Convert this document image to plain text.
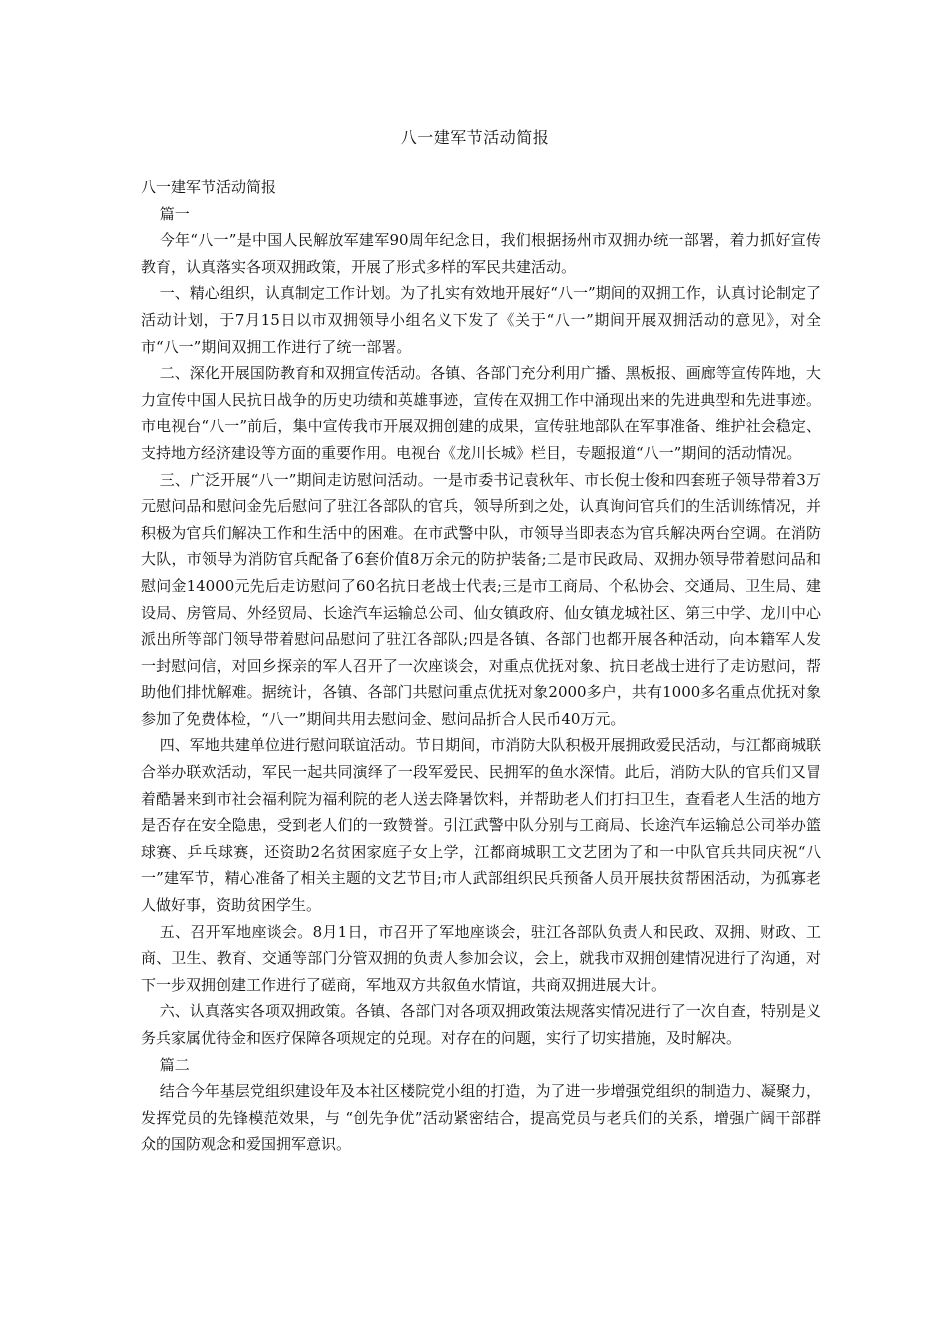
八一建军节活动简报

八一建军节活动简报

篇一

今年“八一”是中国人民解放军建军90周年纪念日，我们根据扬州市双拥办统一部署，着力抓好宣传教育，认真落实各项双拥政策，开展了形式多样的军民共建活动。

一、精心组织，认真制定工作计划。为了扎实有效地开展好“八一”期间的双拥工作，认真讨论制定了活动计划，于7月15日以市双拥领导小组名义下发了《关于“八一”期间开展双拥活动的意见》，对全市“八一”期间双拥工作进行了统一部署。

二、深化开展国防教育和双拥宣传活动。各镇、各部门充分利用广播、黑板报、画廊等宣传阵地，大力宣传中国人民抗日战争的历史功绩和英雄事迹，宣传在双拥工作中涌现出来的先进典型和先进事迹。市电视台“八一”前后，集中宣传我市开展双拥创建的成果，宣传驻地部队在军事准备、维护社会稳定、支持地方经济建设等方面的重要作用。电视台《龙川长城》栏目，专题报道“八一”期间的活动情况。

三、广泛开展“八一”期间走访慰问活动。一是市委书记袁秋年、市长倪士俊和四套班子领导带着3万元慰问品和慰问金先后慰问了驻江各部队的官兵，领导所到之处，认真询问官兵们的生活训练情况，并积极为官兵们解决工作和生活中的困难。在市武警中队，市领导当即表态为官兵解决两台空调。在消防大队，市领导为消防官兵配备了6套价值8万余元的防护装备;二是市民政局、双拥办领导带着慰问品和慰问金14000元先后走访慰问了60名抗日老战士代表;三是市工商局、个私协会、交通局、卫生局、建设局、房管局、外经贸局、长途汽车运输总公司、仙女镇政府、仙女镇龙城社区、第三中学、龙川中心派出所等部门领导带着慰问品慰问了驻江各部队;四是各镇、各部门也都开展各种活动，向本籍军人发一封慰问信，对回乡探亲的军人召开了一次座谈会，对重点优抚对象、抗日老战士进行了走访慰问，帮助他们排忧解难。据统计，各镇、各部门共慰问重点优抚对象2000多户，共有1000多名重点优抚对象参加了免费体检，“八一”期间共用去慰问金、慰问品折合人民币40万元。

四、军地共建单位进行慰问联谊活动。节日期间，市消防大队积极开展拥政爱民活动，与江都商城联合举办联欢活动，军民一起共同演绎了一段军爱民、民拥军的鱼水深情。此后，消防大队的官兵们又冒着酷暑来到市社会福利院为福利院的老人送去降暑饮料，并帮助老人们打扫卫生，查看老人生活的地方是否存在安全隐患，受到老人们的一致赞誉。引江武警中队分别与工商局、长途汽车运输总公司举办篮球赛、乒乓球赛，还资助2名贫困家庭子女上学，江都商城职工文艺团为了和一中队官兵共同庆祝“八一”建军节，精心准备了相关主题的文艺节目;市人武部组织民兵预备人员开展扶贫帮困活动，为孤寡老人做好事，资助贫困学生。

五、召开军地座谈会。8月1日，市召开了军地座谈会，驻江各部队负责人和民政、双拥、财政、工商、卫生、教育、交通等部门分管双拥的负责人参加会议，会上，就我市双拥创建情况进行了沟通，对下一步双拥创建工作进行了磋商，军地双方共叙鱼水情谊，共商双拥进展大计。

六、认真落实各项双拥政策。各镇、各部门对各项双拥政策法规落实情况进行了一次自查，特别是义务兵家属优待金和医疗保障各项规定的兑现。对存在的问题，实行了切实措施，及时解决。

篇二

结合今年基层党组织建设年及本社区楼院党小组的打造，为了进一步增强党组织的制造力、凝聚力，发挥党员的先锋模范效果，与 “创先争优”活动紧密结合，提高党员与老兵们的关系，增强广阔干部群众的国防观念和爱国拥军意识。
